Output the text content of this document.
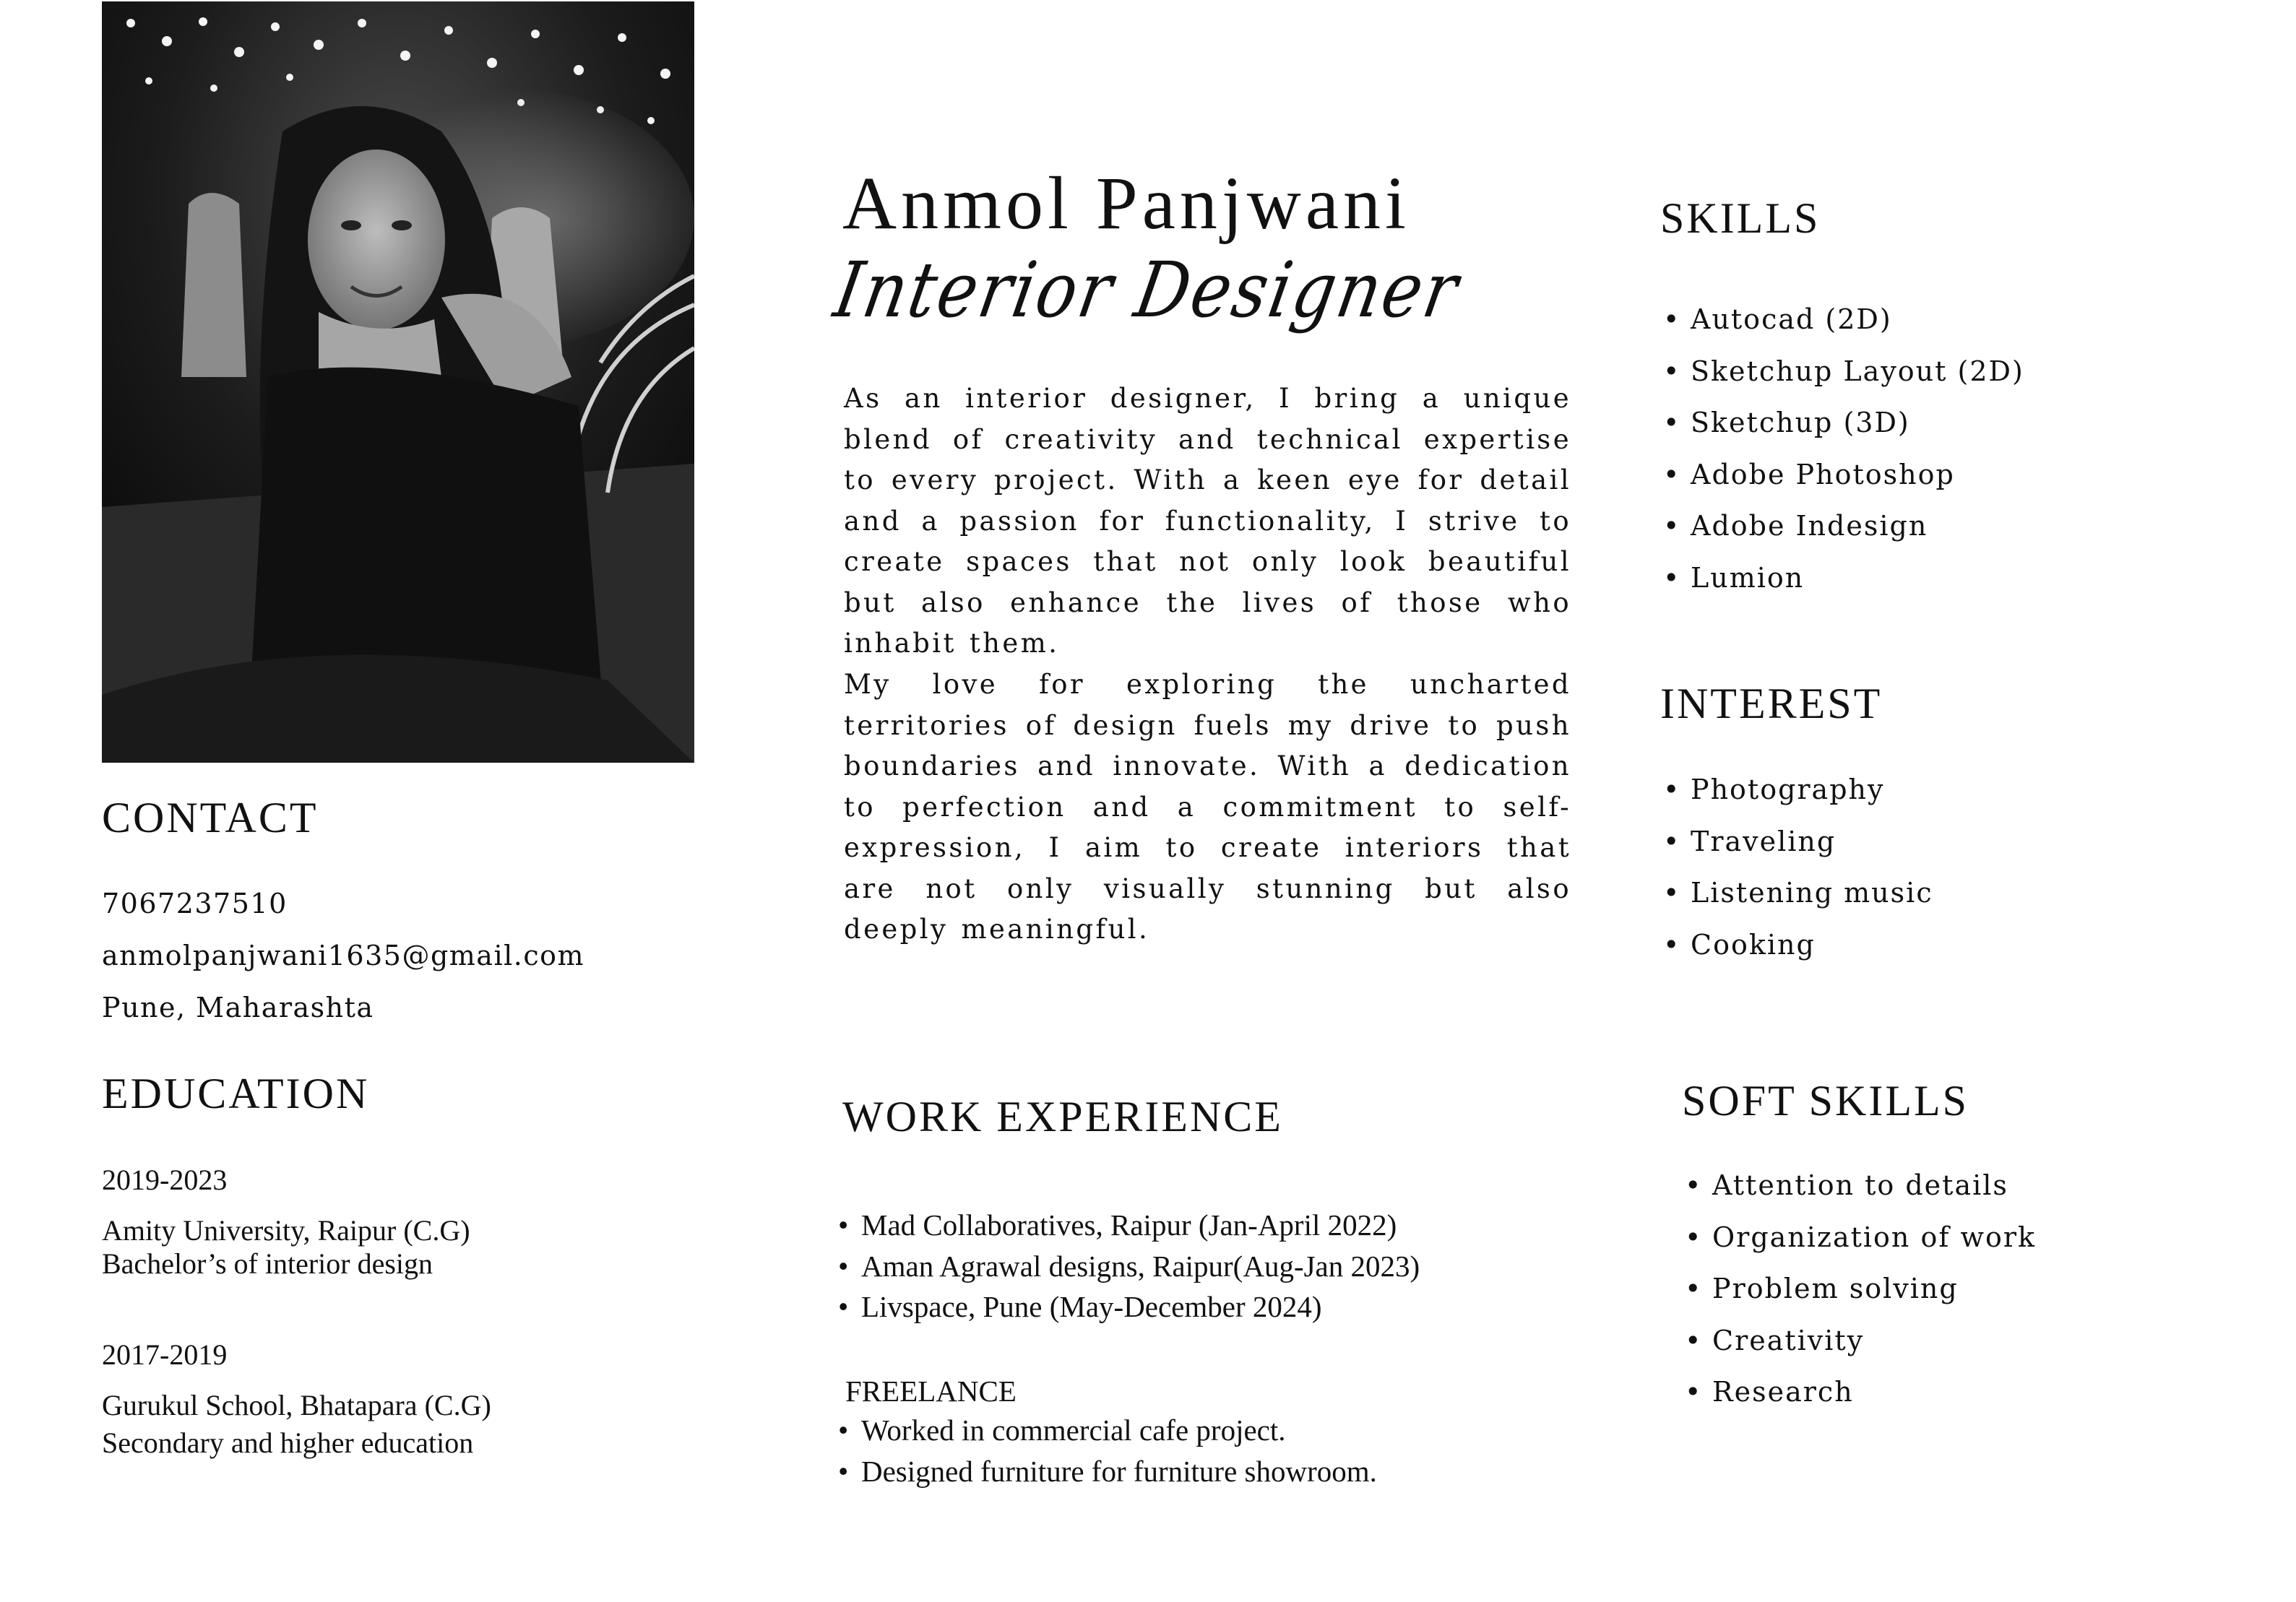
CONTACT
7067237510
anmolpanjwani1635@gmail.com
Pune, Maharashta
EDUCATION
2019-2023
Amity University, Raipur (C.G)
Bachelor’s of interior design
2017-2019
Gurukul School, Bhatapara (C.G)
Secondary and higher education
Anmol Panjwani
Interior Designer

As an interior designer, I bring a unique blend of creativity and technical expertise to every project. With a keen eye for detail and a passion for functionality, I strive to create spaces that not only look beautiful but also enhance the lives of those who inhabit them.

My love for exploring the uncharted territories of design fuels my drive to push boundaries and innovate. With a dedication to perfection and a commitment to self-expression, I aim to create interiors that are not only visually stunning but also deeply meaningful.

WORK EXPERIENCE
• Mad Collaboratives, Raipur (Jan-April 2022)
• Aman Agrawal designs, Raipur(Aug-Jan 2023)
• Livspace, Pune (May-December 2024)
FREELANCE
• Worked in commercial cafe project.
• Designed furniture for furniture showroom.
SKILLS
• Autocad (2D)
• Sketchup Layout (2D)
• Sketchup (3D)
• Adobe Photoshop
• Adobe Indesign
• Lumion
INTEREST
• Photography
• Traveling
• Listening music
• Cooking
SOFT SKILLS
• Attention to details
• Organization of work
• Problem solving
• Creativity
• Research
